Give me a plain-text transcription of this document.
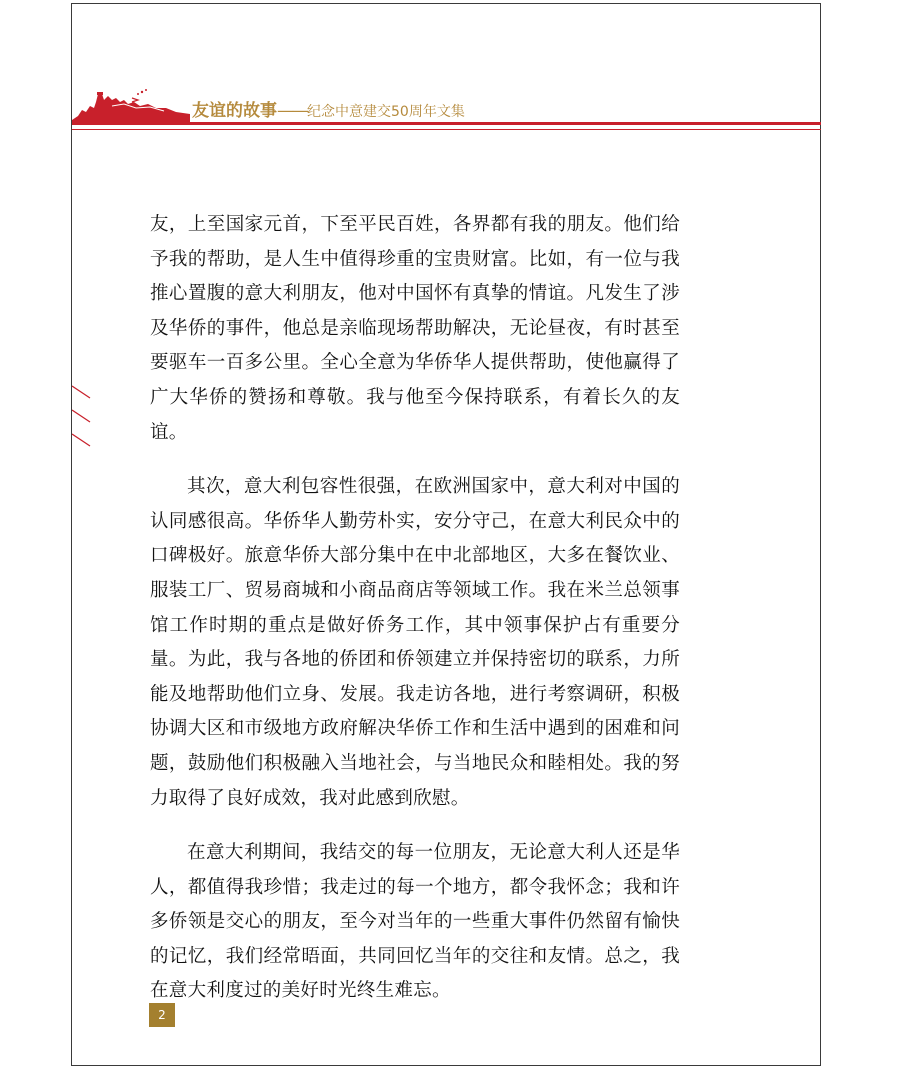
友谊的故事——纪念中意建交50周年文集

友，上至国家元首，下至平民百姓，各界都有我的朋友。他们给予我的帮助，是人生中值得珍重的宝贵财富。比如，有一位与我推心置腹的意大利朋友，他对中国怀有真挚的情谊。凡发生了涉及华侨的事件，他总是亲临现场帮助解决，无论昼夜，有时甚至要驱车一百多公里。全心全意为华侨华人提供帮助，使他赢得了广大华侨的赞扬和尊敬。我与他至今保持联系，有着长久的友谊。

其次，意大利包容性很强，在欧洲国家中，意大利对中国的认同感很高。华侨华人勤劳朴实，安分守己，在意大利民众中的口碑极好。旅意华侨大部分集中在中北部地区，大多在餐饮业、服装工厂、贸易商城和小商品商店等领域工作。我在米兰总领事馆工作时期的重点是做好侨务工作，其中领事保护占有重要分量。为此，我与各地的侨团和侨领建立并保持密切的联系，力所能及地帮助他们立身、发展。我走访各地，进行考察调研，积极协调大区和市级地方政府解决华侨工作和生活中遇到的困难和问题，鼓励他们积极融入当地社会，与当地民众和睦相处。我的努力取得了良好成效，我对此感到欣慰。

在意大利期间，我结交的每一位朋友，无论意大利人还是华人，都值得我珍惜；我走过的每一个地方，都令我怀念；我和许多侨领是交心的朋友，至今对当年的一些重大事件仍然留有愉快的记忆，我们经常晤面，共同回忆当年的交往和友情。总之，我在意大利度过的美好时光终生难忘。

2
